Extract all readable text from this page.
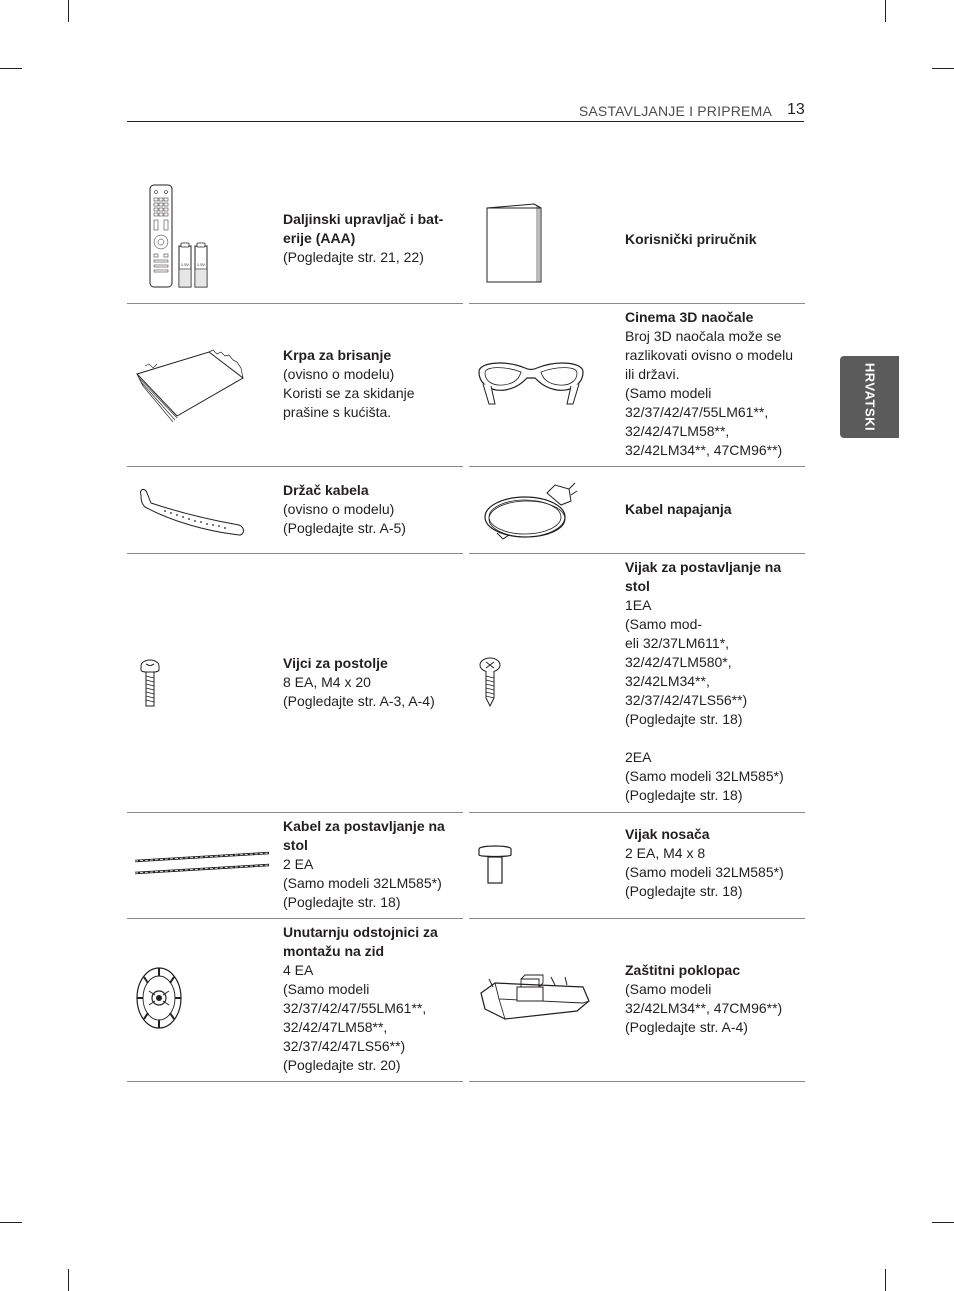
SASTAVLJANJE I PRIPREMA 13
HRVATSKI
1.5V 1.5V
Daljinski upravljač i bat-erije (AAA)
(Pogledajte str. 21, 22)
Korisnički priručnik
Krpa za brisanje
(ovisno o modelu)
Koristi se za skidanje
prašine s kućišta.
Cinema 3D naočale
Broj 3D naočala može se
razlikovati ovisno o modelu
ili državi.
(Samo modeli
32/37/42/47/55LM61**,
32/42/47LM58**,
32/42LM34**, 47CM96**)
Držač kabela
(ovisno o modelu)
(Pogledajte str. A-5)
Kabel napajanja
Vijci za postolje
8 EA, M4 x 20
(Pogledajte str. A-3, A-4)
Vijak za postavljanje na stol
1EA
(Samo mod-
eli 32/37LM611*,
32/42/47LM580*,
32/42LM34**,
32/37/42/47LS56**)
(Pogledajte str. 18)
2EA
(Samo modeli 32LM585*)
(Pogledajte str. 18)
Kabel za postavljanje na stol
2 EA
(Samo modeli 32LM585*)
(Pogledajte str. 18)
Vijak nosača
2 EA, M4 x 8
(Samo modeli 32LM585*)
(Pogledajte str. 18)
Unutarnju odstojnici za montažu na zid
4 EA
(Samo modeli
32/37/42/47/55LM61**,
32/42/47LM58**,
32/37/42/47LS56**)
(Pogledajte str. 20)
Zaštitni poklopac
(Samo modeli
32/42LM34**, 47CM96**)
(Pogledajte str. A-4)
